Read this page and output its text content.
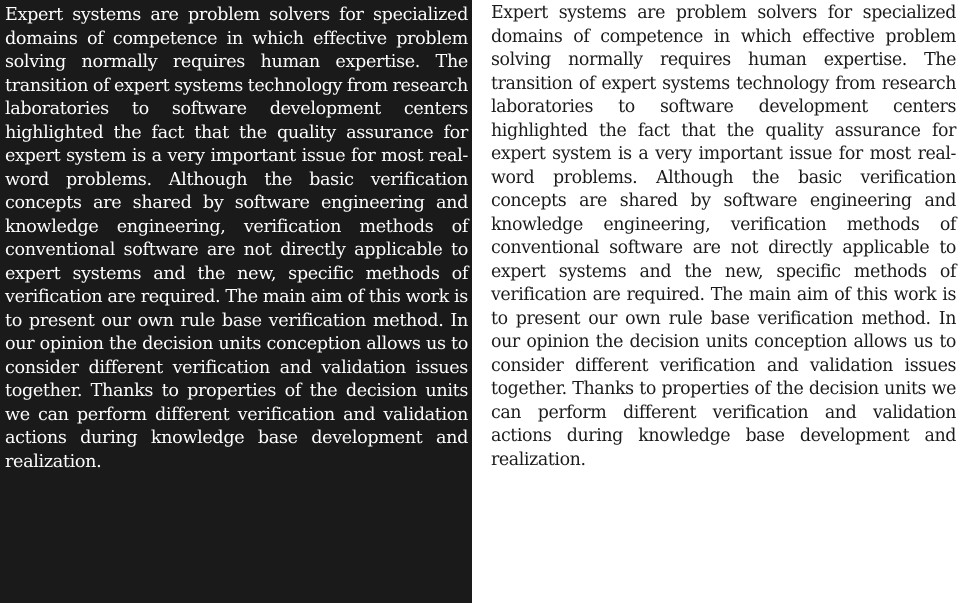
Expert systems are problem solvers for specialized domains of competence in which effective problem solving normally requires human expertise. The transition of expert systems technology from research laboratories to software development centers highlighted the fact that the quality assurance for expert system is a very important issue for most real-word problems. Although the basic verification concepts are shared by software engineering and knowledge engineering, verification methods of conventional software are not directly applicable to expert systems and the new, specific methods of verification are required. The main aim of this work is to present our own rule base verification method. In our opinion the decision units conception allows us to consider different verification and validation issues together. Thanks to properties of the decision units we can perform different verification and validation actions during knowledge base development and realization.

Expert systems are problem solvers for specialized domains of competence in which effective problem solving normally requires human expertise. The transition of expert systems technology from research laboratories to software development centers highlighted the fact that the quality assurance for expert system is a very important issue for most real-word problems. Although the basic verification concepts are shared by software engineering and knowledge engineering, verification methods of conventional software are not directly applicable to expert systems and the new, specific methods of verification are required. The main aim of this work is to present our own rule base verification method. In our opinion the decision units conception allows us to consider different verification and validation issues together. Thanks to properties of the decision units we can perform different verification and validation actions during knowledge base development and realization.
